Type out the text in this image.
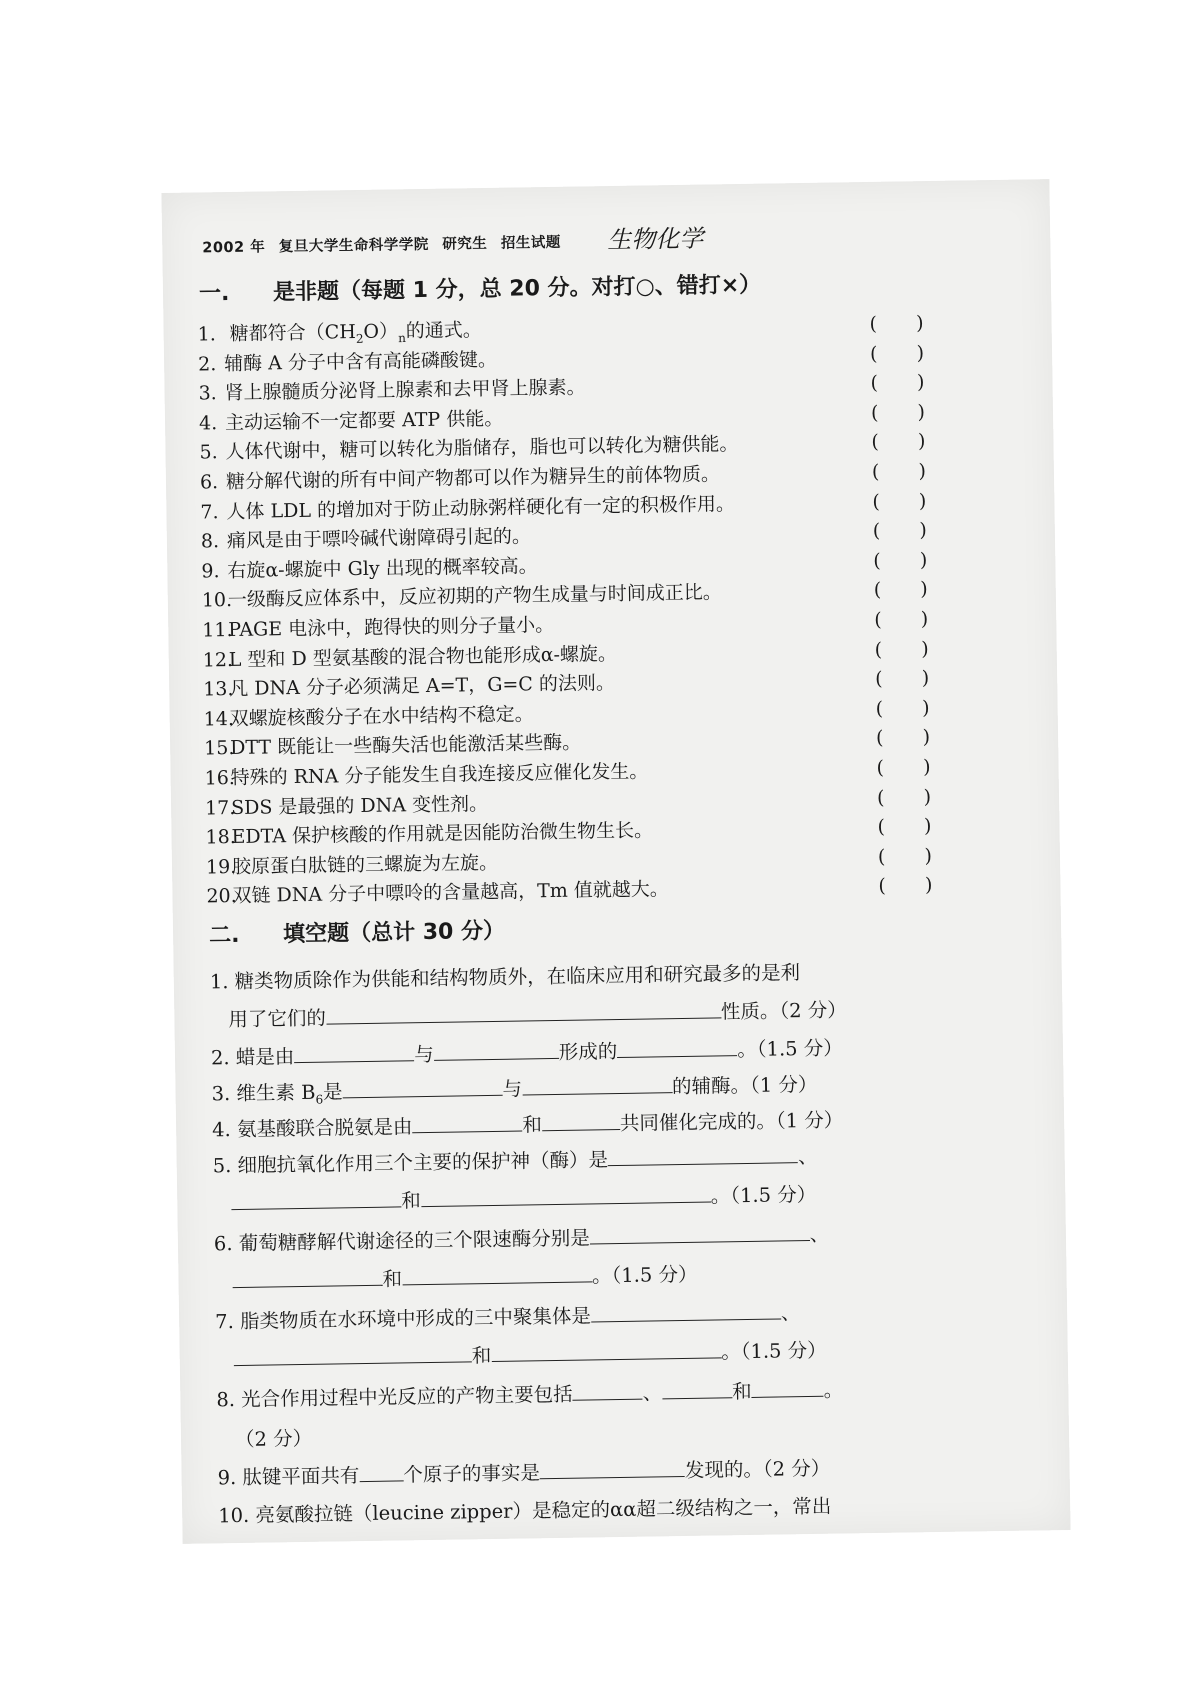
2002 年 复旦大学生命科学学院 研究生 招生试题	生物化学
一. 是非题（每题 1 分，总 20 分。对打○、错打×）
1. 糖都符合$(CH_2O)_n$的通式。	( )
2. 辅酶 A 分子中含有高能磷酸键。	( )
3. 肾上腺髓质分泌肾上腺素和去甲肾上腺素。	( )
4. 主动运输不一定都要 ATP 供能。	( )
5. 人体代谢中，糖可以转化为脂储存，脂也可以转化为糖供能。	( )
6. 糖分解代谢的所有中间产物都可以作为糖异生的前体物质。	( )
7. 人体 LDL 的增加对于防止动脉粥样硬化有一定的积极作用。	( )
8. 痛风是由于嘌呤碱代谢障碍引起的。	( )
9. 右旋α-螺旋中 Gly 出现的概率较高。	( )
10.一级酶反应体系中，反应初期的产物生成量与时间成正比。	( )
11.PAGE 电泳中，跑得快的则分子量小。	( )
12.L 型和 D 型氨基酸的混合物也能形成α-螺旋。	( )
13.凡 DNA 分子必须满足 A=T，G=C 的法则。	( )
14.双螺旋核酸分子在水中结构不稳定。	( )
15.DTT 既能让一些酶失活也能激活某些酶。	( )
16.特殊的 RNA 分子能发生自我连接反应催化发生。	( )
17.SDS 是最强的 DNA 变性剂。	( )
18.EDTA 保护核酸的作用就是因能防治微生物生长。	( )
19.胶原蛋白肽链的三螺旋为左旋。	( )
20.双链 DNA 分子中嘌呤的含量越高，Tm 值就越大。	( )
二. 填空题（总计 30 分）
1. 糖类物质除作为供能和结构物质外，在临床应用和研究最多的是利
用了它们的	性质。（2 分）
2. 蜡是由	与	形成的	。（1.5 分）
3. 维生素 $B_6$是	与	的辅酶。（1 分）
4. 氨基酸联合脱氨是由	和	共同催化完成的。（1 分）
5. 细胞抗氧化作用三个主要的保护神（酶）是	、
和	。（1.5 分）
6. 葡萄糖酵解代谢途径的三个限速酶分别是	、
和	。（1.5 分）
7. 脂类物质在水环境中形成的三中聚集体是	、
和	。（1.5 分）
8. 光合作用过程中光反应的产物主要包括	、	和	。
（2 分）
9. 肽键平面共有 个原子的事实是	发现的。（2 分）
10. 亮氨酸拉链（leucine zipper）是稳定的αα超二级结构之一，常出
